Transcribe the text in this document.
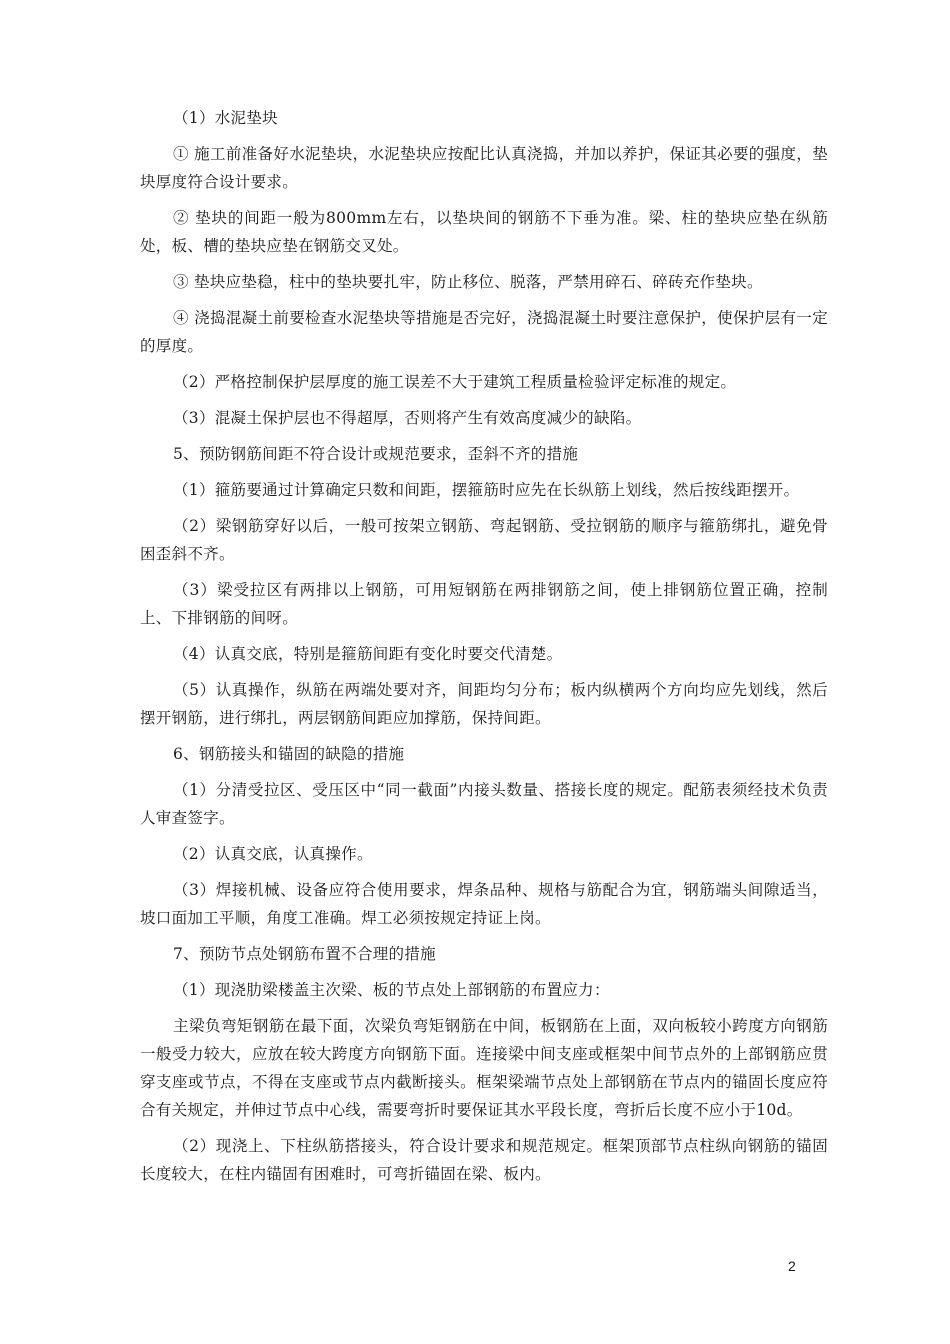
（1）水泥垫块

① 施工前准备好水泥垫块，水泥垫块应按配比认真浇捣，并加以养护，保证其必要的强度，垫块厚度符合设计要求。

② 垫块的间距一般为800mm左右，以垫块间的钢筋不下垂为准。梁、柱的垫块应垫在纵筋处，板、槽的垫块应垫在钢筋交叉处。

③ 垫块应垫稳，柱中的垫块要扎牢，防止移位、脱落，严禁用碎石、碎砖充作垫块。

④ 浇捣混凝土前要检查水泥垫块等措施是否完好，浇捣混凝土时要注意保护，使保护层有一定的厚度。

（2）严格控制保护层厚度的施工误差不大于建筑工程质量检验评定标准的规定。

（3）混凝土保护层也不得超厚，否则将产生有效高度减少的缺陷。

5、预防钢筋间距不符合设计或规范要求，歪斜不齐的措施

（1）箍筋要通过计算确定只数和间距，摆箍筋时应先在长纵筋上划线，然后按线距摆开。

（2）梁钢筋穿好以后，一般可按架立钢筋、弯起钢筋、受拉钢筋的顺序与箍筋绑扎，避免骨困歪斜不齐。

（3）梁受拉区有两排以上钢筋，可用短钢筋在两排钢筋之间，使上排钢筋位置正确，控制上、下排钢筋的间呀。

（4）认真交底，特别是箍筋间距有变化时要交代清楚。

（5）认真操作，纵筋在两端处要对齐，间距均匀分布；板内纵横两个方向均应先划线，然后摆开钢筋，进行绑扎，两层钢筋间距应加撑筋，保持间距。

6、钢筋接头和锚固的缺隐的措施

（1）分清受拉区、受压区中“同一截面”内接头数量、搭接长度的规定。配筋表须经技术负责人审查签字。

（2）认真交底，认真操作。

（3）焊接机械、设备应符合使用要求，焊条品种、规格与筋配合为宜，钢筋端头间隙适当，坡口面加工平顺，角度工准确。焊工必须按规定持证上岗。

7、预防节点处钢筋布置不合理的措施

（1）现浇肋梁楼盖主次梁、板的节点处上部钢筋的布置应力：

主梁负弯矩钢筋在最下面，次梁负弯矩钢筋在中间，板钢筋在上面，双向板较小跨度方向钢筋一般受力较大，应放在较大跨度方向钢筋下面。连接梁中间支座或框架中间节点外的上部钢筋应贯穿支座或节点，不得在支座或节点内截断接头。框架梁端节点处上部钢筋在节点内的锚固长度应符合有关规定，并伸过节点中心线，需要弯折时要保证其水平段长度，弯折后长度不应小于10d。

（2）现浇上、下柱纵筋搭接头，符合设计要求和规范规定。框架顶部节点柱纵向钢筋的锚固长度较大，在柱内锚固有困难时，可弯折锚固在梁、板内。

2
